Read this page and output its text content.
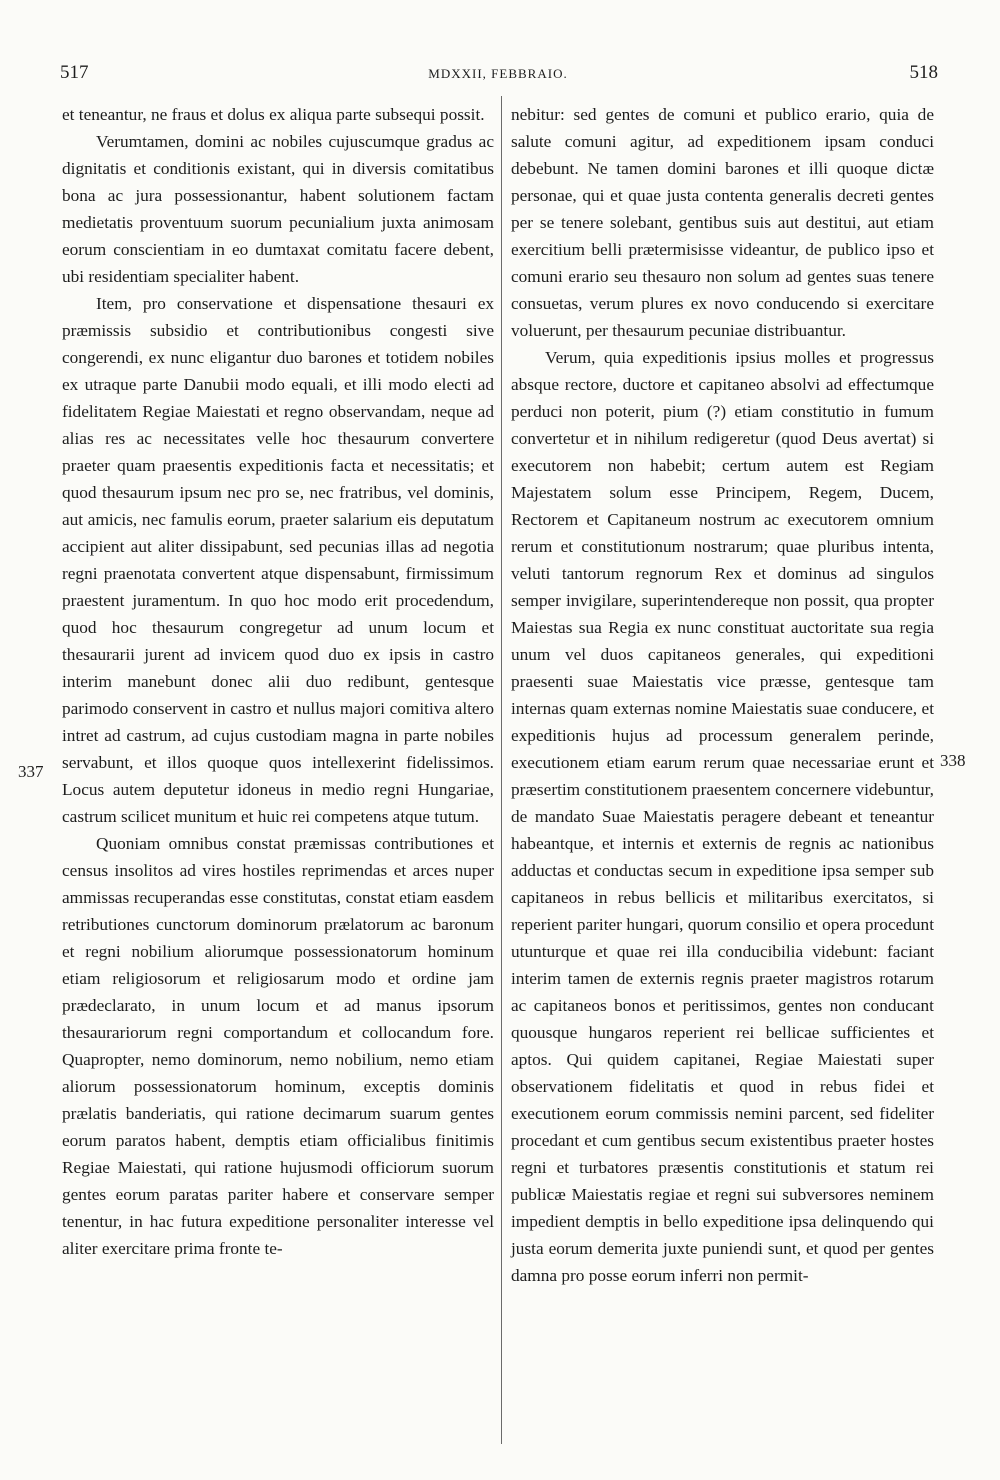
517	MDXXII, FEBBRAIO.	518

et teneantur, ne fraus et dolus ex aliqua parte subsequi possit.

Verumtamen, domini ac nobiles cujuscumque gradus ac dignitatis et conditionis existant, qui in diversis comitatibus bona ac jura possessionantur, habent solutionem factam medietatis proventuum suorum pecunialium juxta animosam eorum conscientiam in eo dumtaxat comitatu facere debent, ubi residentiam specialiter habent.

Item, pro conservatione et dispensatione thesauri ex præmissis subsidio et contributionibus congesti sive congerendi, ex nunc eligantur duo barones et totidem nobiles ex utraque parte Danubii modo equali, et illi modo electi ad fidelitatem Regiae Maiestati et regno observandam, neque ad alias res ac necessitates velle hoc thesaurum convertere praeter quam praesentis expeditionis facta et necessitatis; et quod thesaurum ipsum nec pro se, nec fratribus, vel dominis, aut amicis, nec famulis eorum, praeter salarium eis deputatum accipient aut aliter dissipabunt, sed pecunias illas ad negotia regni praenotata convertent atque dispensabunt, firmissimum praestent juramentum. In quo hoc modo erit procedendum, quod hoc thesaurum congregetur ad unum locum et thesaurarii jurent ad invicem quod duo ex ipsis in castro interim manebunt donec alii duo redibunt, gentesque parimodo conservent in castro et nullus majori comitiva altero intret ad castrum, ad cujus custodiam magna in parte nobiles servabunt, et illos quoque quos intellexerint fidelissimos. Locus autem deputetur idoneus in medio regni Hungariae, castrum scilicet munitum et huic rei competens atque tutum.

Quoniam omnibus constat præmissas contributiones et census insolitos ad vires hostiles reprimendas et arces nuper ammissas recuperandas esse constitutas, constat etiam easdem retributiones cunctorum dominorum prælatorum ac baronum et regni nobilium aliorumque possessionatorum hominum etiam religiosorum et religiosarum modo et ordine jam prædeclarato, in unum locum et ad manus ipsorum thesaurariorum regni comportandum et collocandum fore. Quapropter, nemo dominorum, nemo nobilium, nemo etiam aliorum possessionatorum hominum, exceptis dominis prælatis banderiatis, qui ratione decimarum suarum gentes eorum paratos habent, demptis etiam officialibus finitimis Regiae Maiestati, qui ratione hujusmodi officiorum suorum gentes eorum paratas pariter habere et conservare semper tenentur, in hac futura expeditione personaliter interesse vel aliter exercitare prima fronte te-

nebitur: sed gentes de comuni et publico erario, quia de salute comuni agitur, ad expeditionem ipsam conduci debebunt. Ne tamen domini barones et illi quoque dictæ personae, qui et quae justa contenta generalis decreti gentes per se tenere solebant, gentibus suis aut destitui, aut etiam exercitium belli prætermisisse videantur, de publico ipso et comuni erario seu thesauro non solum ad gentes suas tenere consuetas, verum plures ex novo conducendo si exercitare voluerunt, per thesaurum pecuniae distribuantur.

Verum, quia expeditionis ipsius molles et progressus absque rectore, ductore et capitaneo absolvi ad effectumque perduci non poterit, pium (?) etiam constitutio in fumum convertetur et in nihilum redigeretur (quod Deus avertat) si executorem non habebit; certum autem est Regiam Majestatem solum esse Principem, Regem, Ducem, Rectorem et Capitaneum nostrum ac executorem omnium rerum et constitutionum nostrarum; quae pluribus intenta, veluti tantorum regnorum Rex et dominus ad singulos semper invigilare, superintendereque non possit, qua propter Maiestas sua Regia ex nunc constituat auctoritate sua regia unum vel duos capitaneos generales, qui expeditioni praesenti suae Maiestatis vice præsse, gentesque tam internas quam externas nomine Maiestatis suae conducere, et expeditionis hujus ad processum generalem perinde, executionem etiam earum rerum quae necessariae erunt et præsertim constitutionem praesentem concernere videbuntur, de mandato Suae Maiestatis peragere debeant et teneantur habeantque, et internis et externis de regnis ac nationibus adductas et conductas secum in expeditione ipsa semper sub capitaneos in rebus bellicis et militaribus exercitatos, si reperient pariter hungari, quorum consilio et opera procedunt utunturque et quae rei illa conducibilia videbunt: faciant interim tamen de externis regnis praeter magistros rotarum ac capitaneos bonos et peritissimos, gentes non conducant quousque hungaros reperient rei bellicae sufficientes et aptos. Qui quidem capitanei, Regiae Maiestati super observationem fidelitatis et quod in rebus fidei et executionem eorum commissis nemini parcent, sed fideliter procedant et cum gentibus secum existentibus praeter hostes regni et turbatores præsentis constitutionis et statum rei publicæ Maiestatis regiae et regni sui subversores neminem impedient demptis in bello expeditione ipsa delinquendo qui justa eorum demerita juxte puniendi sunt, et quod per gentes damna pro posse eorum inferri non permit-

337
338
